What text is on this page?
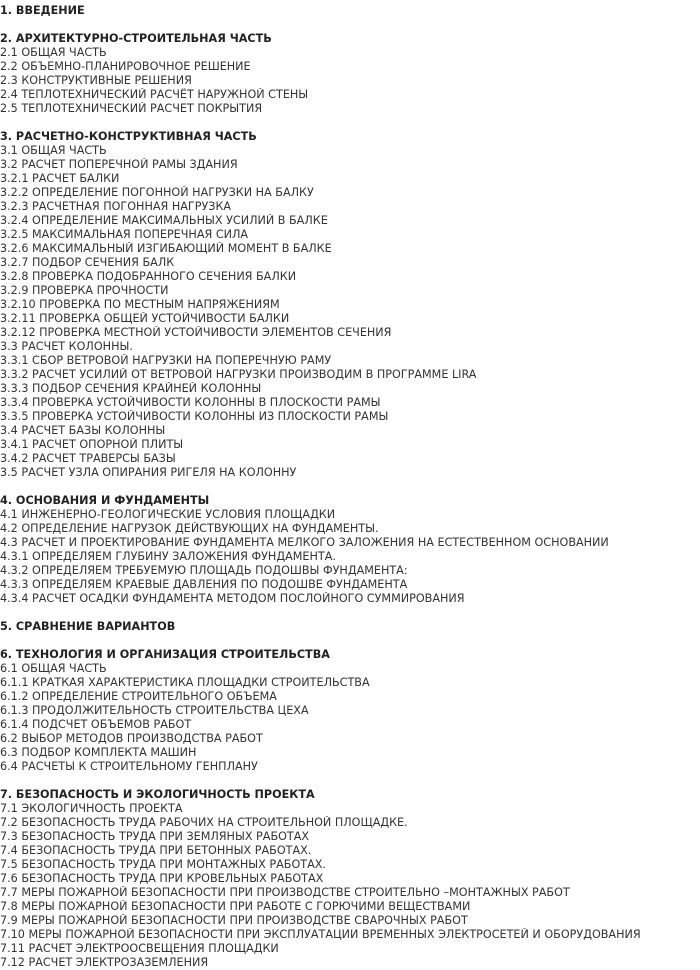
1. ВВЕДЕНИЕ
2. АРХИТЕКТУРНО-СТРОИТЕЛЬНАЯ ЧАСТЬ
2.1 ОБЩАЯ ЧАСТЬ
2.2 ОБЪЕМНО-ПЛАНИРОВОЧНОЕ РЕШЕНИЕ
2.3 КОНСТРУКТИВНЫЕ РЕШЕНИЯ
2.4 ТЕПЛОТЕХНИЧЕСКИЙ РАСЧЁТ НАРУЖНОЙ СТЕНЫ
2.5 ТЕПЛОТЕХНИЧЕСКИЙ РАСЧЕТ ПОКРЫТИЯ
3. РАСЧЕТНО-КОНСТРУКТИВНАЯ ЧАСТЬ
3.1 ОБЩАЯ ЧАСТЬ
3.2 РАСЧЕТ ПОПЕРЕЧНОЙ РАМЫ ЗДАНИЯ
3.2.1 РАСЧЕТ БАЛКИ
3.2.2 ОПРЕДЕЛЕНИЕ ПОГОННОЙ НАГРУЗКИ НА БАЛКУ
3.2.3 РАСЧЕТНАЯ ПОГОННАЯ НАГРУЗКА
3.2.4 ОПРЕДЕЛЕНИЕ МАКСИМАЛЬНЫХ УСИЛИЙ В БАЛКЕ
3.2.5 МАКСИМАЛЬНАЯ ПОПЕРЕЧНАЯ СИЛА
3.2.6 МАКСИМАЛЬНЫЙ ИЗГИБАЮЩИЙ МОМЕНТ В БАЛКЕ
3.2.7 ПОДБОР СЕЧЕНИЯ БАЛК
3.2.8 ПРОВЕРКА ПОДОБРАННОГО СЕЧЕНИЯ БАЛКИ
3.2.9 ПРОВЕРКА ПРОЧНОСТИ
3.2.10 ПРОВЕРКА ПО МЕСТНЫМ НАПРЯЖЕНИЯМ
3.2.11 ПРОВЕРКА ОБЩЕЙ УСТОЙЧИВОСТИ БАЛКИ
3.2.12 ПРОВЕРКА МЕСТНОЙ УСТОЙЧИВОСТИ ЭЛЕМЕНТОВ СЕЧЕНИЯ
3.3 РАСЧЕТ КОЛОННЫ.
3.3.1 СБОР ВЕТРОВОЙ НАГРУЗКИ НА ПОПЕРЕЧНУЮ РАМУ
3.3.2 РАСЧЕТ УСИЛИЙ ОТ ВЕТРОВОЙ НАГРУЗКИ ПРОИЗВОДИМ В ПРОГРАММЕ LIRA
3.3.3 ПОДБОР СЕЧЕНИЯ КРАЙНЕЙ КОЛОННЫ
3.3.4 ПРОВЕРКА УСТОЙЧИВОСТИ КОЛОННЫ В ПЛОСКОСТИ РАМЫ
3.3.5 ПРОВЕРКА УСТОЙЧИВОСТИ КОЛОННЫ ИЗ ПЛОСКОСТИ РАМЫ
3.4 РАСЧЕТ БАЗЫ КОЛОННЫ
3.4.1 РАСЧЕТ ОПОРНОЙ ПЛИТЫ
3.4.2 РАСЧЕТ ТРАВЕРСЫ БАЗЫ
3.5 РАСЧЕТ УЗЛА ОПИРАНИЯ РИГЕЛЯ НА КОЛОННУ
4. ОСНОВАНИЯ И ФУНДАМЕНТЫ
4.1 ИНЖЕНЕРНО-ГЕОЛОГИЧЕСКИЕ УСЛОВИЯ ПЛОЩАДКИ
4.2 ОПРЕДЕЛЕНИЕ НАГРУЗОК ДЕЙСТВУЮЩИХ НА ФУНДАМЕНТЫ.
4.3 РАСЧЕТ И ПРОЕКТИРОВАНИЕ ФУНДАМЕНТА МЕЛКОГО ЗАЛОЖЕНИЯ НА ЕСТЕСТВЕННОМ ОСНОВАНИИ
4.3.1 ОПРЕДЕЛЯЕМ ГЛУБИНУ ЗАЛОЖЕНИЯ ФУНДАМЕНТА.
4.3.2 ОПРЕДЕЛЯЕМ ТРЕБУЕМУЮ ПЛОЩАДЬ ПОДОШВЫ ФУНДАМЕНТА:
4.3.3 ОПРЕДЕЛЯЕМ КРАЕВЫЕ ДАВЛЕНИЯ ПО ПОДОШВЕ ФУНДАМЕНТА
4.3.4 РАСЧЕТ ОСАДКИ ФУНДАМЕНТА МЕТОДОМ ПОСЛОЙНОГО СУММИРОВАНИЯ
5. СРАВНЕНИЕ ВАРИАНТОВ
6. ТЕХНОЛОГИЯ И ОРГАНИЗАЦИЯ СТРОИТЕЛЬСТВА
6.1 ОБЩАЯ ЧАСТЬ
6.1.1 КРАТКАЯ ХАРАКТЕРИСТИКА ПЛОЩАДКИ СТРОИТЕЛЬСТВА
6.1.2 ОПРЕДЕЛЕНИЕ СТРОИТЕЛЬНОГО ОБЪЕМА
6.1.3 ПРОДОЛЖИТЕЛЬНОСТЬ СТРОИТЕЛЬСТВА ЦЕХА
6.1.4 ПОДСЧЕТ ОБЪЕМОВ РАБОТ
6.2 ВЫБОР МЕТОДОВ ПРОИЗВОДСТВА РАБОТ
6.3 ПОДБОР КОМПЛЕКТА МАШИН
6.4 РАСЧЕТЫ К СТРОИТЕЛЬНОМУ ГЕНПЛАНУ
7. БЕЗОПАСНОСТЬ И ЭКОЛОГИЧНОСТЬ ПРОЕКТА
7.1 ЭКОЛОГИЧНОСТЬ ПРОЕКТА
7.2 БЕЗОПАСНОСТЬ ТРУДА РАБОЧИХ НА СТРОИТЕЛЬНОЙ ПЛОЩАДКЕ.
7.3 БЕЗОПАСНОСТЬ ТРУДА ПРИ ЗЕМЛЯНЫХ РАБОТАХ
7.4 БЕЗОПАСНОСТЬ ТРУДА ПРИ БЕТОННЫХ РАБОТАХ.
7.5 БЕЗОПАСНОСТЬ ТРУДА ПРИ МОНТАЖНЫХ РАБОТАХ.
7.6 БЕЗОПАСНОСТЬ ТРУДА ПРИ КРОВЕЛЬНЫХ РАБОТАХ
7.7 МЕРЫ ПОЖАРНОЙ БЕЗОПАСНОСТИ ПРИ ПРОИЗВОДСТВЕ СТРОИТЕЛЬНО –МОНТАЖНЫХ РАБОТ
7.8 МЕРЫ ПОЖАРНОЙ БЕЗОПАСНОСТИ ПРИ РАБОТЕ С ГОРЮЧИМИ ВЕЩЕСТВАМИ
7.9 МЕРЫ ПОЖАРНОЙ БЕЗОПАСНОСТИ ПРИ ПРОИЗВОДСТВЕ СВАРОЧНЫХ РАБОТ
7.10 МЕРЫ ПОЖАРНОЙ БЕЗОПАСНОСТИ ПРИ ЭКСПЛУАТАЦИИ ВРЕМЕННЫХ ЭЛЕКТРОСЕТЕЙ И ОБОРУДОВАНИЯ
7.11 РАСЧЕТ ЭЛЕКТРООСВЕЩЕНИЯ ПЛОЩАДКИ
7.12 РАСЧЕТ ЭЛЕКТРОЗАЗЕМЛЕНИЯ
